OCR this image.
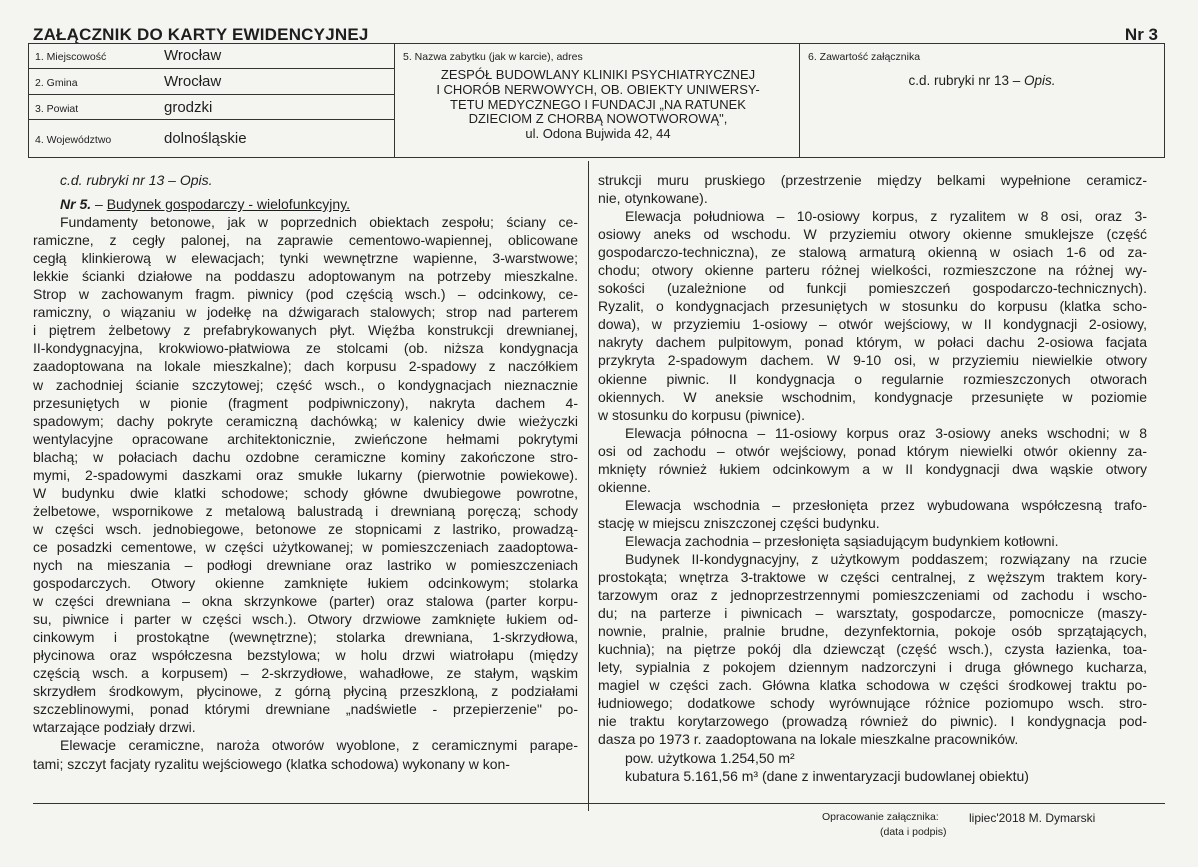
ZAŁĄCZNIK DO KARTY EWIDENCYJNEJ	Nr 3
1. Miejscowość	Wrocław
2. Gmina	Wrocław
3. Powiat	grodzki
4. Województwo	dolnośląskie
5. Nazwa zabytku (jak w karcie), adres
ZESPÓŁ BUDOWLANY KLINIKI PSYCHIATRYCZNEJ
I CHORÓB NERWOWYCH, OB. OBIEKTY UNIWERSY-
TETU MEDYCZNEGO I FUNDACJI „NA RATUNEK
DZIECIOM Z CHORBĄ NOWOTWOROWĄ",
ul. Odona Bujwida 42, 44
6. Zawartość załącznika
c.d. rubryki nr 13 – Opis.

c.d. rubryki nr 13 – Opis.

Nr 5. – Budynek gospodarczy - wielofunkcyjny.

Fundamenty betonowe, jak w poprzednich obiektach zespołu; ściany ce-
ramiczne, z cegły palonej, na zaprawie cementowo-wapiennej, oblicowane
cegłą klinkierową w elewacjach; tynki wewnętrzne wapienne, 3-warstwowe;
lekkie ścianki działowe na poddaszu adoptowanym na potrzeby mieszkalne.
Strop w zachowanym fragm. piwnicy (pod częścią wsch.) – odcinkowy, ce-
ramiczny, o wiązaniu w jodełkę na dźwigarach stalowych; strop nad parterem
i piętrem żelbetowy z prefabrykowanych płyt. Więźba konstrukcji drewnianej,
II-kondygnacyjna, krokwiowo-płatwiowa ze stolcami (ob. niższa kondygnacja
zaadoptowana na lokale mieszkalne); dach korpusu 2-spadowy z naczółkiem
w zachodniej ścianie szczytowej; część wsch., o kondygnacjach nieznacznie
przesuniętych w pionie (fragment podpiwniczony), nakryta dachem 4-
spadowym; dachy pokryte ceramiczną dachówką; w kalenicy dwie wieżyczki
wentylacyjne opracowane architektonicznie, zwieńczone hełmami pokrytymi
blachą; w połaciach dachu ozdobne ceramiczne kominy zakończone stro-
mymi, 2-spadowymi daszkami oraz smukłe lukarny (pierwotnie powiekowe).
W budynku dwie klatki schodowe; schody główne dwubiegowe powrotne,
żelbetowe, wspornikowe z metalową balustradą i drewnianą poręczą; schody
w części wsch. jednobiegowe, betonowe ze stopnicami z lastriko, prowadzą-
ce posadzki cementowe, w części użytkowanej; w pomieszczeniach zaadoptowa-
nych na mieszania – podłogi drewniane oraz lastriko w pomieszczeniach
gospodarczych. Otwory okienne zamknięte łukiem odcinkowym; stolarka
w części drewniana – okna skrzynkowe (parter) oraz stalowa (parter korpu-
su, piwnice i parter w części wsch.). Otwory drzwiowe zamknięte łukiem od-
cinkowym i prostokątne (wewnętrzne); stolarka drewniana, 1-skrzydłowa,
płycinowa oraz współczesna bezstylowa; w holu drzwi wiatrołapu (między
częścią wsch. a korpusem) – 2-skrzydłowe, wahadłowe, ze stałym, wąskim
skrzydłem środkowym, płycinowe, z górną płyciną przeszkloną, z podziałami
szczeblinowymi, ponad którymi drewniane „nadświetle - przepierzenie" po-
wtarzające podziały drzwi.
Elewacje ceramiczne, naroża otworów wyoblone, z ceramicznymi parape-
tami; szczyt facjaty ryzalitu wejściowego (klatka schodowa) wykonany w kon-
strukcji muru pruskiego (przestrzenie między belkami wypełnione ceramicz-
nie, otynkowane).
Elewacja południowa – 10-osiowy korpus, z ryzalitem w 8 osi, oraz 3-
osiowy aneks od wschodu. W przyziemiu otwory okienne smuklejsze (część
gospodarczo-techniczna), ze stalową armaturą okienną w osiach 1-6 od za-
chodu; otwory okienne parteru różnej wielkości, rozmieszczone na różnej wy-
sokości (uzależnione od funkcji pomieszczeń gospodarczo-technicznych).
Ryzalit, o kondygnacjach przesuniętych w stosunku do korpusu (klatka scho-
dowa), w przyziemiu 1-osiowy – otwór wejściowy, w II kondygnacji 2-osiowy,
nakryty dachem pulpitowym, ponad którym, w połaci dachu 2-osiowa facjata
przykryta 2-spadowym dachem. W 9-10 osi, w przyziemiu niewielkie otwory
okienne piwnic. II kondygnacja o regularnie rozmieszczonych otworach
okiennych. W aneksie wschodnim, kondygnacje przesunięte w poziomie
w stosunku do korpusu (piwnice).
Elewacja północna – 11-osiowy korpus oraz 3-osiowy aneks wschodni; w 8
osi od zachodu – otwór wejściowy, ponad którym niewielki otwór okienny za-
mknięty również łukiem odcinkowym a w II kondygnacji dwa wąskie otwory
okienne.
Elewacja wschodnia – przesłonięta przez wybudowana współczesną trafo-
stację w miejscu zniszczonej części budynku.
Elewacja zachodnia – przesłonięta sąsiadującym budynkiem kotłowni.
Budynek II-kondygnacyjny, z użytkowym poddaszem; rozwiązany na rzucie
prostokąta; wnętrza 3-traktowe w części centralnej, z węższym traktem kory-
tarzowym oraz z jednoprzestrzennymi pomieszczeniami od zachodu i wscho-
du; na parterze i piwnicach – warsztaty, gospodarcze, pomocnicze (maszy-
nownie, pralnie, pralnie brudne, dezynfektornia, pokoje osób sprzątających,
kuchnia); na piętrze pokój dla dziewcząt (część wsch.), czysta łazienka, toa-
lety, sypialnia z pokojem dziennym nadzorczyni i druga głównego kucharza,
magiel w części zach. Główna klatka schodowa w części środkowej traktu po-
łudniowego; dodatkowe schody wyrównujące różnice poziomupo wsch. stro-
nie traktu korytarzowego (prowadzą również do piwnic). I kondygnacja pod-
dasza po 1973 r. zaadoptowana na lokale mieszkalne pracowników.
pow. użytkowa 1.254,50 m²
kubatura 5.161,56 m³ (dane z inwentaryzacji budowlanej obiektu)
Opracowanie załącznika:	lipiec'2018 M. Dymarski
(data i podpis)
